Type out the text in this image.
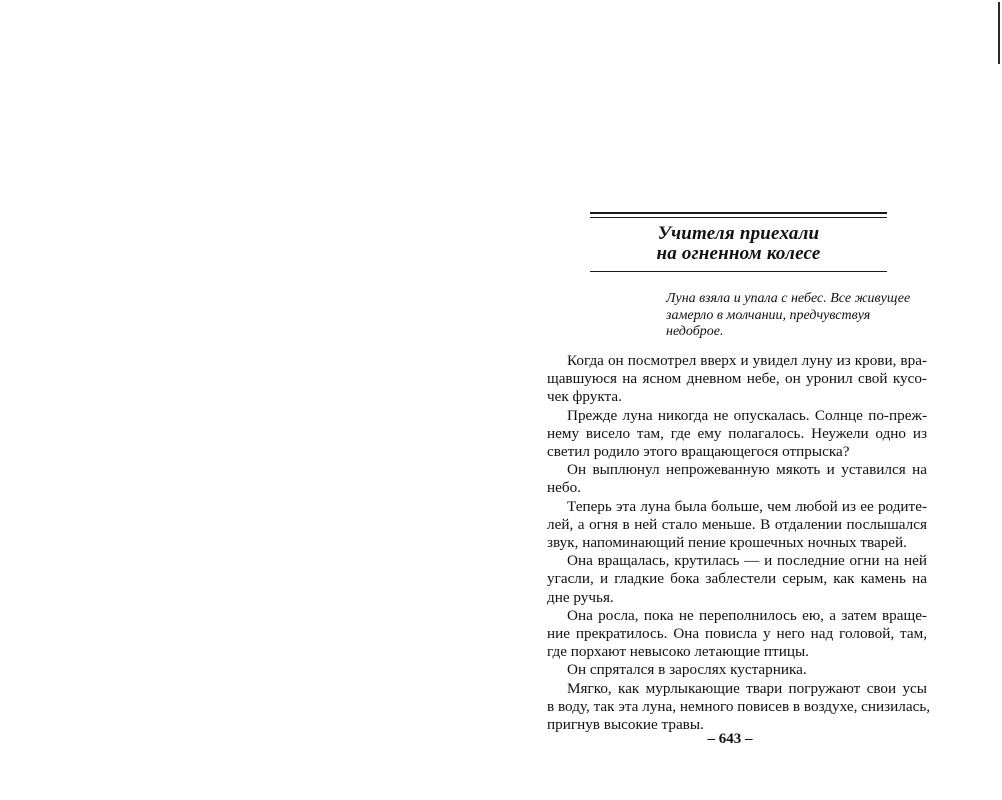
Учителя приехали
на огненном колесе
Луна взяла и упала с небес. Все живущее
замерло в молчании, предчувствуя
недоброе.

Когда он посмотрел вверх и увидел луну из крови, вра-
щавшуюся на ясном дневном небе, он уронил свой кусо-
чек фрукта.

Прежде луна никогда не опускалась. Солнце по-преж-
нему висело там, где ему полагалось. Неужели одно из
светил родило этого вращающегося отпрыска?

Он выплюнул непрожеванную мякоть и уставился на
небо.

Теперь эта луна была больше, чем любой из ее родите-
лей, а огня в ней стало меньше. В отдалении послышался
звук, напоминающий пение крошечных ночных тварей.

Она вращалась, крутилась — и последние огни на ней
угасли, и гладкие бока заблестели серым, как камень на
дне ручья.

Она росла, пока не переполнилось ею, а затем враще-
ние прекратилось. Она повисла у него над головой, там,
где порхают невысоко летающие птицы.

Он спрятался в зарослях кустарника.

Мягко, как мурлыкающие твари погружают свои усы
в воду, так эта луна, немного повисев в воздухе, снизилась,
пригнув высокие травы.

– 643 –
